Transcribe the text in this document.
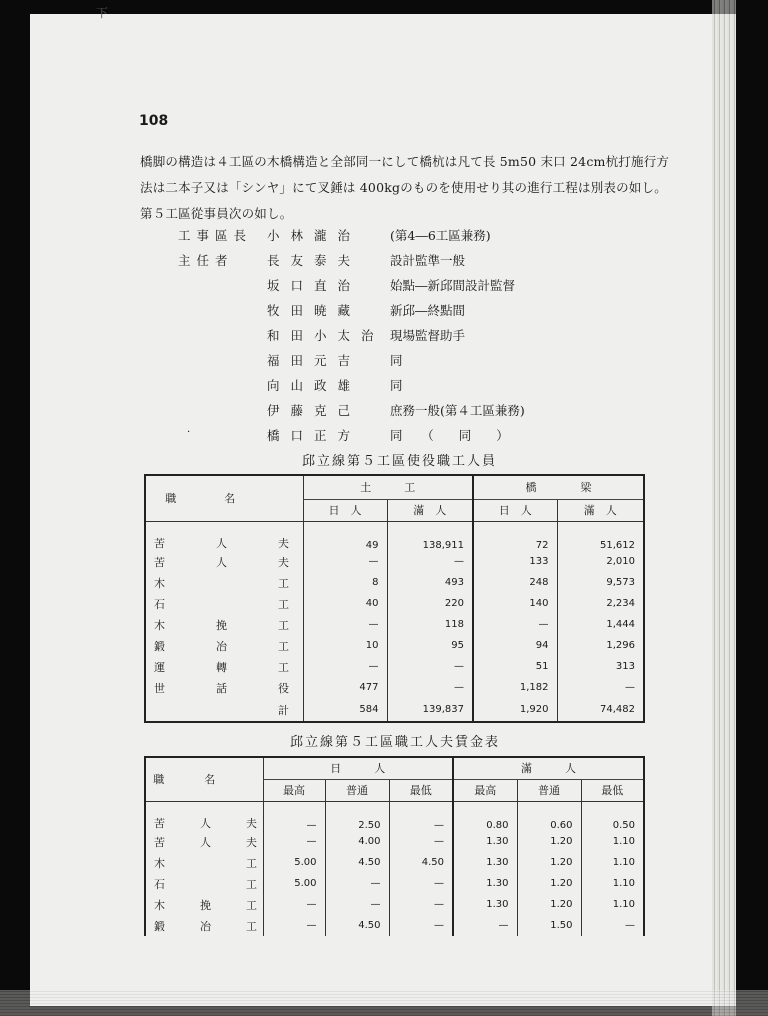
下
108
橋脚の構造は４工區の木橋構造と全部同一にして橋杭は凡て長 5m50 末口 24cm杭打施行方
法は二本子又は「シンヤ」にて叉錘は 400kgのものを使用せり其の進行工程は別表の如し。
第５工區從事員次の如し。
工事區長 小林瀧治 (第4―6工區兼務)
主任者	長友泰夫 設計監準一般
坂口直治 始點―新邱間設計監督
牧田暁藏 新邱―終點間
和田小太治 現場監督助手
福田元吉 同
向山政雄 同
伊藤克己 庶務一般(第４工區兼務)
橋口正方 同　　（　　同　　）
·
邱立線第５工區使役職工人員
職名	土　　　工		橋　　　　梁	
	日　人	滿　人	日　人	滿　人
苦 人 夫	49	138,911	72	51,612
苦 人 夫	—	—	133	2,010
木 工	8	493	248	9,573
石 工	40	220	140	2,234
木 挽 工	—	118	—	1,444
鍛 冶 工	10	95	94	1,296
運 轉 工	—	—	51	313
世 話 役	477	—	1,182	—
計	584	139,837	1,920	74,482
邱立線第５工區職工人夫賃金表
職名	日　　　人			滿　　　人		
	最高	普通	最低	最高	普通	最低
苦 人 夫	—	2.50	—	0.80	0.60	0.50
苦 人 夫	—	4.00	—	1.30	1.20	1.10
木 工	5.00	4.50	4.50	1.30	1.20	1.10
石 工	5.00	—	—	1.30	1.20	1.10
木 挽 工	—	—	—	1.30	1.20	1.10
鍛 冶 工	—	4.50	—	—	1.50	—
